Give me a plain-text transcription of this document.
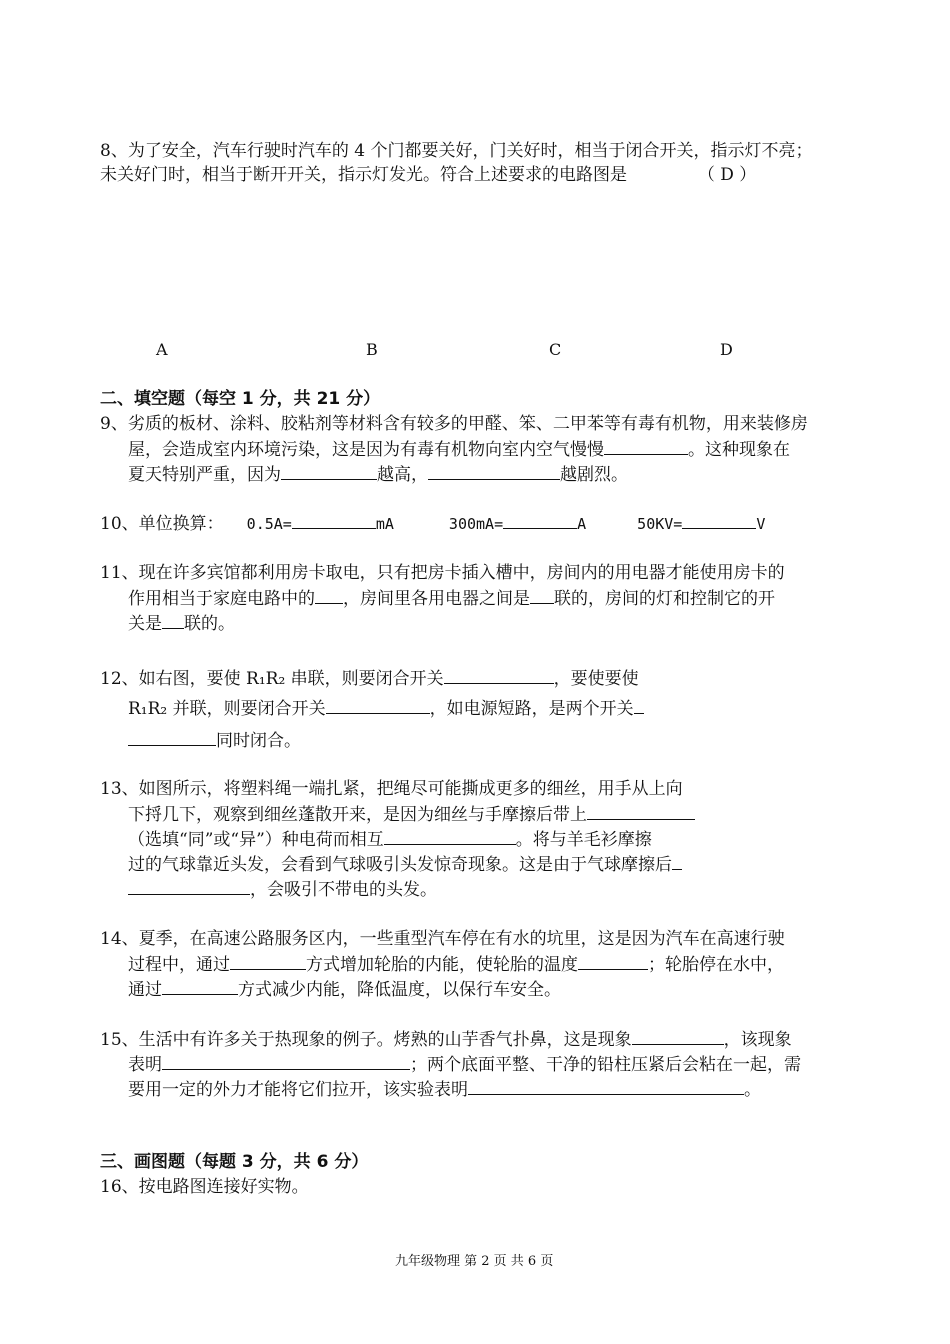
8、为了安全，汽车行驶时汽车的 4 个门都要关好，门关好时，相当于闭合开关，指示灯不亮；
未关好门时，相当于断开开关，指示灯发光。符合上述要求的电路图是	（ D ）
A	B	C	D
二、填空题（每空 1 分，共 21 分）
9、劣质的板材、涂料、胶粘剂等材料含有较多的甲醛、笨、二甲苯等有毒有机物，用来装修房
屋，会造成室内环境污染，这是因为有毒有机物向室内空气慢慢	。这种现象在
夏天特别严重，因为	越高，	越剧烈。
10、单位换算： 0.5A=	mA	300mA=	A	50KV=	V
11、现在许多宾馆都利用房卡取电，只有把房卡插入槽中，房间内的用电器才能使用房卡的
作用相当于家庭电路中的 ，房间里各用电器之间是 联的，房间的灯和控制它的开
关是 联的。
12、如右图，要使 R₁R₂ 串联，则要闭合开关	，要使要使
R₁R₂ 并联，则要闭合开关	，如电源短路，是两个开关
同时闭合。
S₁
R₁	R₂
S₂
S₃
13、如图所示，将塑料绳一端扎紧，把绳尽可能撕成更多的细丝，用手从上向
下捋几下，观察到细丝蓬散开来，是因为细丝与手摩擦后带上
（选填“同”或“异”）种电荷而相互	。将与羊毛衫摩擦
过的气球靠近头发，会看到气球吸引头发惊奇现象。这是由于气球摩擦后
，会吸引不带电的头发。
14、夏季，在高速公路服务区内，一些重型汽车停在有水的坑里，这是因为汽车在高速行驶
过程中，通过	方式增加轮胎的内能，使轮胎的温度	；轮胎停在水中，
通过	方式减少内能，降低温度，以保行车安全。
15、生活中有许多关于热现象的例子。烤熟的山芋香气扑鼻，这是现象	，该现象
表明	；两个底面平整、干净的铅柱压紧后会粘在一起，需
要用一定的外力才能将它们拉开，该实验表明	。
三、画图题（每题 3 分，共 6 分）
16、按电路图连接好实物。
L₁
L₂
A
- +
蓄电池
九年级物理 第 2 页 共 6 页
